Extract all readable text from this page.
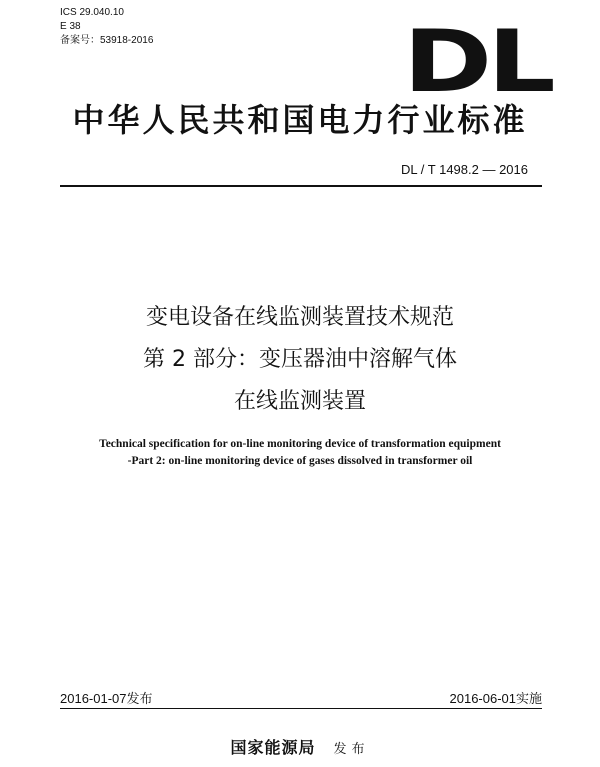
ICS 29.040.10
E 38
备案号：53918-2016	DL
中华人民共和国电力行业标准
DL / T 1498.2 — 2016
变电设备在线监测装置技术规范
第 2 部分：变压器油中溶解气体
在线监测装置
Technical specification for on-line monitoring device of transformation equipment
-Part 2: on-line monitoring device of gases dissolved in transformer oil
2016-01-07发布	2016-06-01实施
国家能源局 发布
